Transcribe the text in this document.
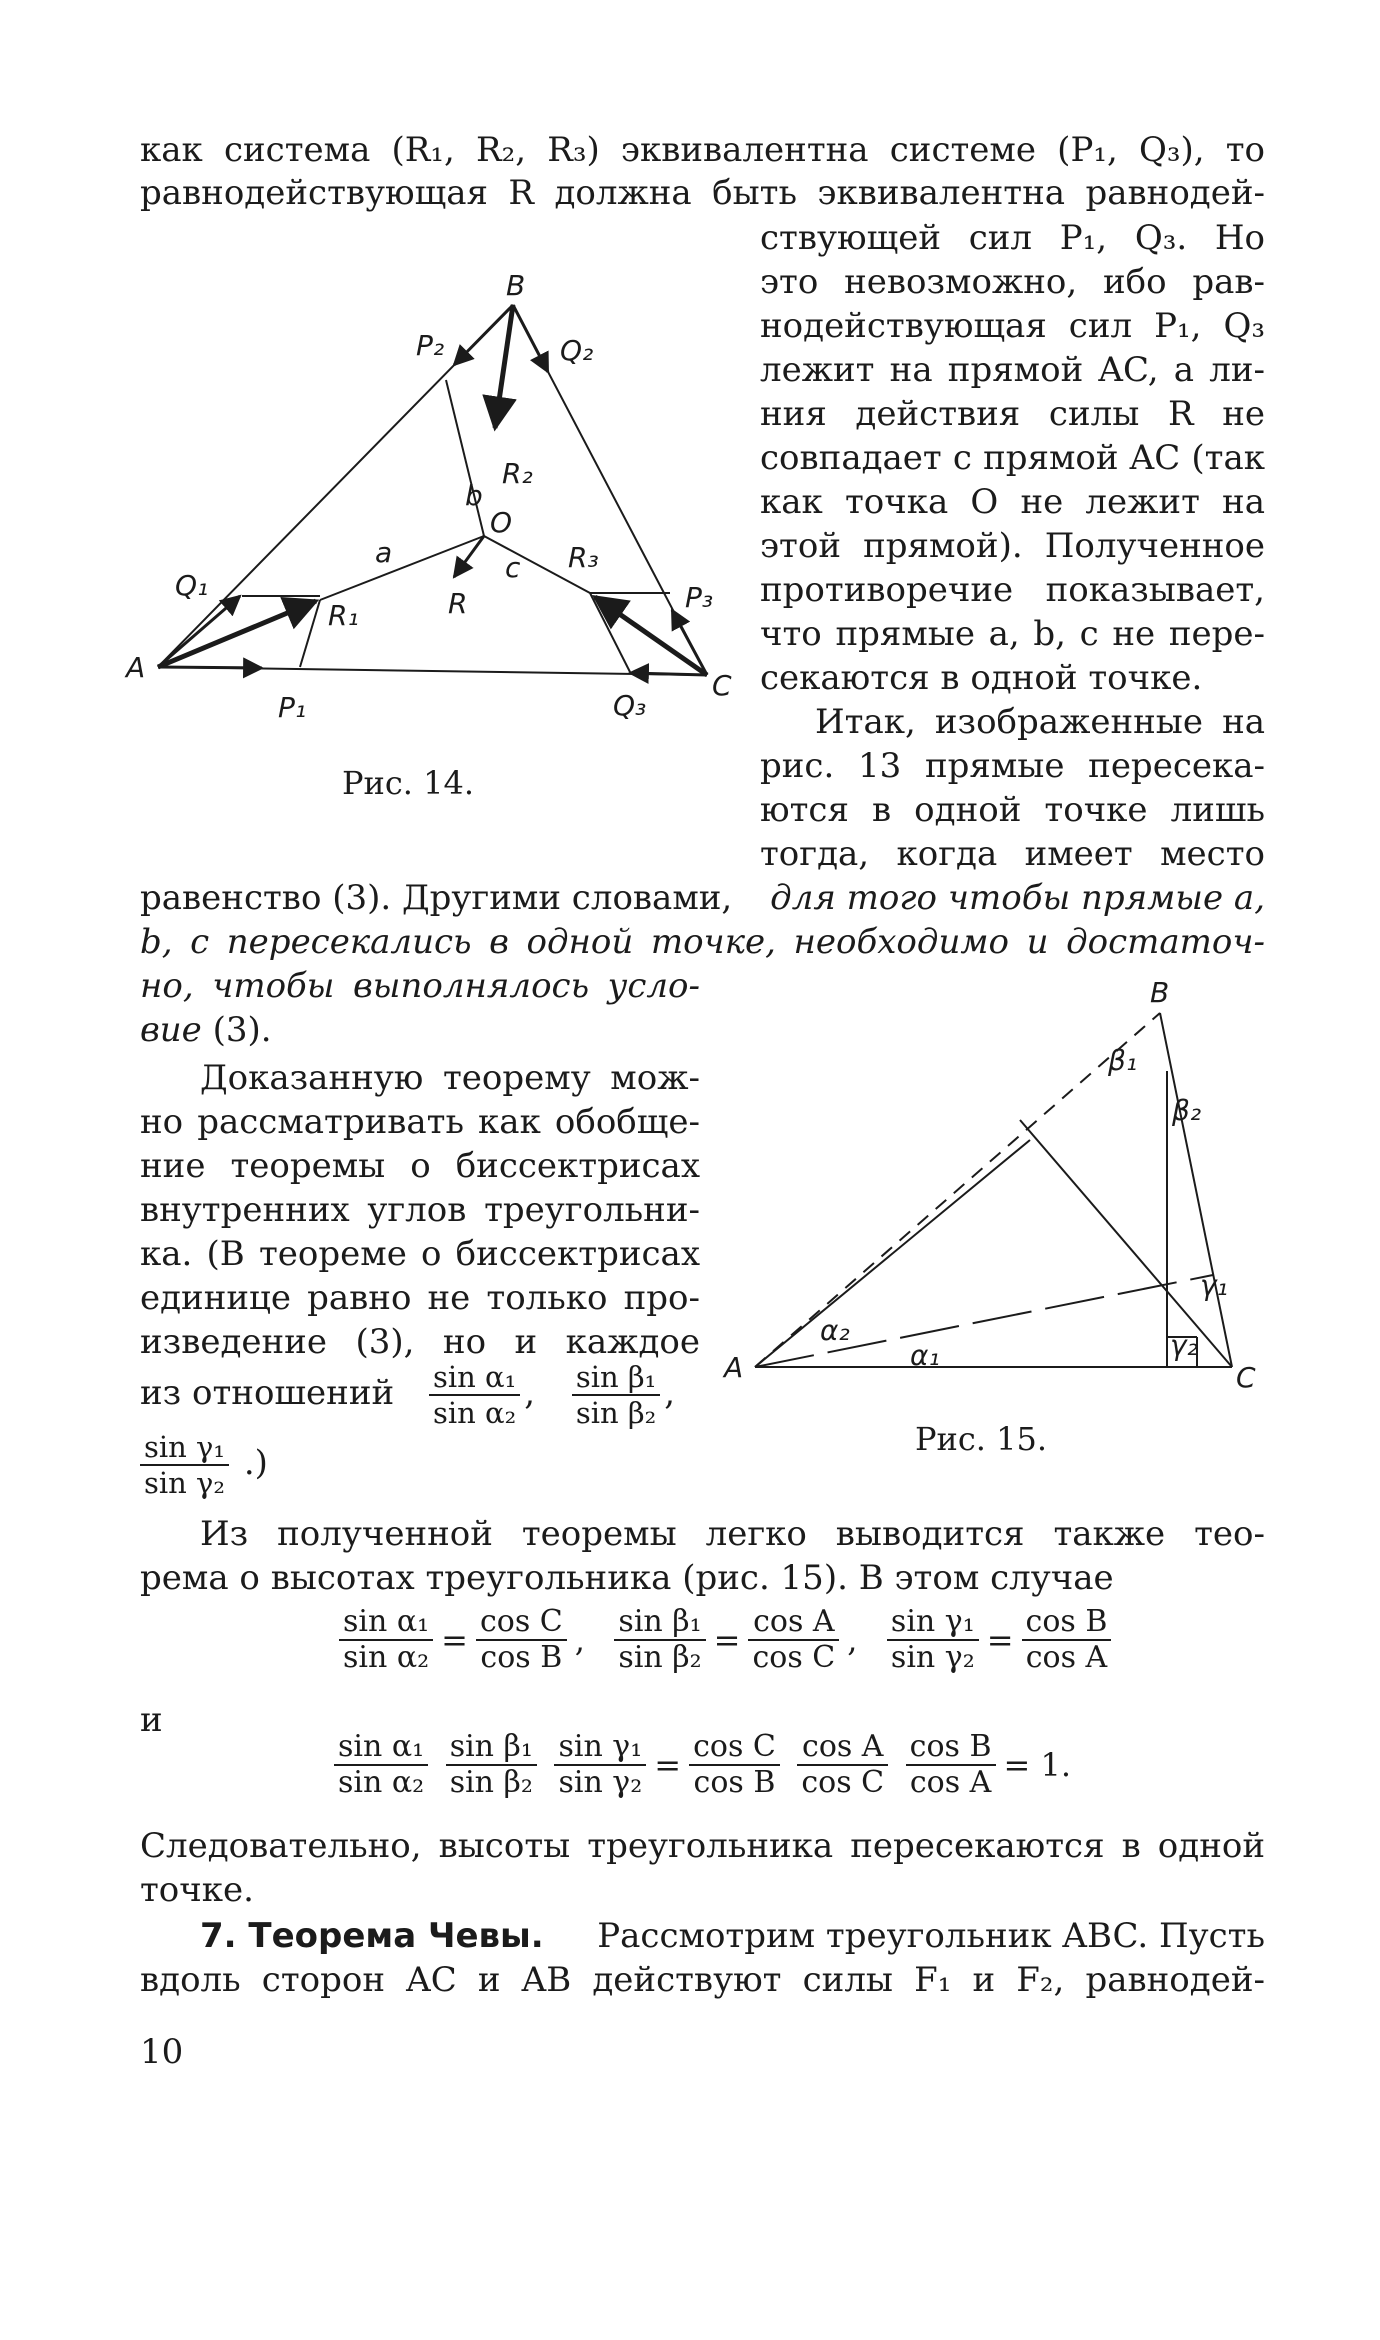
как система (R₁, R₂, R₃) эквивалентна системе (P₁, Q₃), то
равнодействующая R должна быть эквивалентна равнодей-
ствующей сил P₁, Q₃. Но
это невозможно, ибо рав-
нодействующая сил P₁, Q₃
лежит на прямой AC, а ли-
ния действия силы R не
совпадает с прямой AC (так
как точка O не лежит на
этой прямой). Полученное
противоречие показывает,
что прямые a, b, c не пере-
секаются в одной точке.
Итак, изображенные на
рис. 13 прямые пересека-
ются в одной точке лишь
тогда, когда имеет место
равенство (3). Другими словами, для того чтобы прямые a,
b, c пересекались в одной точке, необходимо и достаточ-
но, чтобы выполнялось усло-
вие (3).
Доказанную теорему мож-
но рассматривать как обобще-
ние теоремы о биссектрисах
внутренних углов треугольни-
ка. (В теореме о биссектрисах
единице равно не только про-
изведение (3), но и каждое
из отношений $\frac{\text{sin α₁}}{\text{sin α₂}}$ , $\frac{\text{sin β₁}}{\text{sin β₂}}$ ,
$\frac{\text{sin γ₁}}{\text{sin γ₂}}$ .)
Из полученной теоремы легко выводится также тео-
рема о высотах треугольника (рис. 15). В этом случае
$\frac{\text{sin α₁}}{\text{sin α₂}} = \frac{\text{cos C}}{\text{cos B}}$ , $\frac{\text{sin β₁}}{\text{sin β₂}} = \frac{\text{cos A}}{\text{cos C}}$ , $\frac{\text{sin γ₁}}{\text{sin γ₂}} = \frac{\text{cos B}}{\text{cos A}}$
и
$\frac{\text{sin α₁}}{\text{sin α₂}}$
$\frac{\text{sin β₁}}{\text{sin β₂}}$
$\frac{\text{sin γ₁}}{\text{sin γ₂}} = \frac{\text{cos C}}{\text{cos B}}$
$\frac{\text{cos A}}{\text{cos C}}$
$\frac{\text{cos B}}{\text{cos A}} = 1$.
Следовательно, высоты треугольника пересекаются в одной
точке.
7. Теорема Чевы. Рассмотрим треугольник ABC. Пусть
вдоль сторон AC и AB действуют силы F₁ и F₂, равнодей-
10
B
A
C
O
a
b
c
P₁
P₂
P₃
Q₁
Q₂
Q₃
R₁
R₂
R₃
R
Рис. 14.
B
A	C
α₁
α₂
β₁
β₂
γ₁
γ₂
Рис. 15.
